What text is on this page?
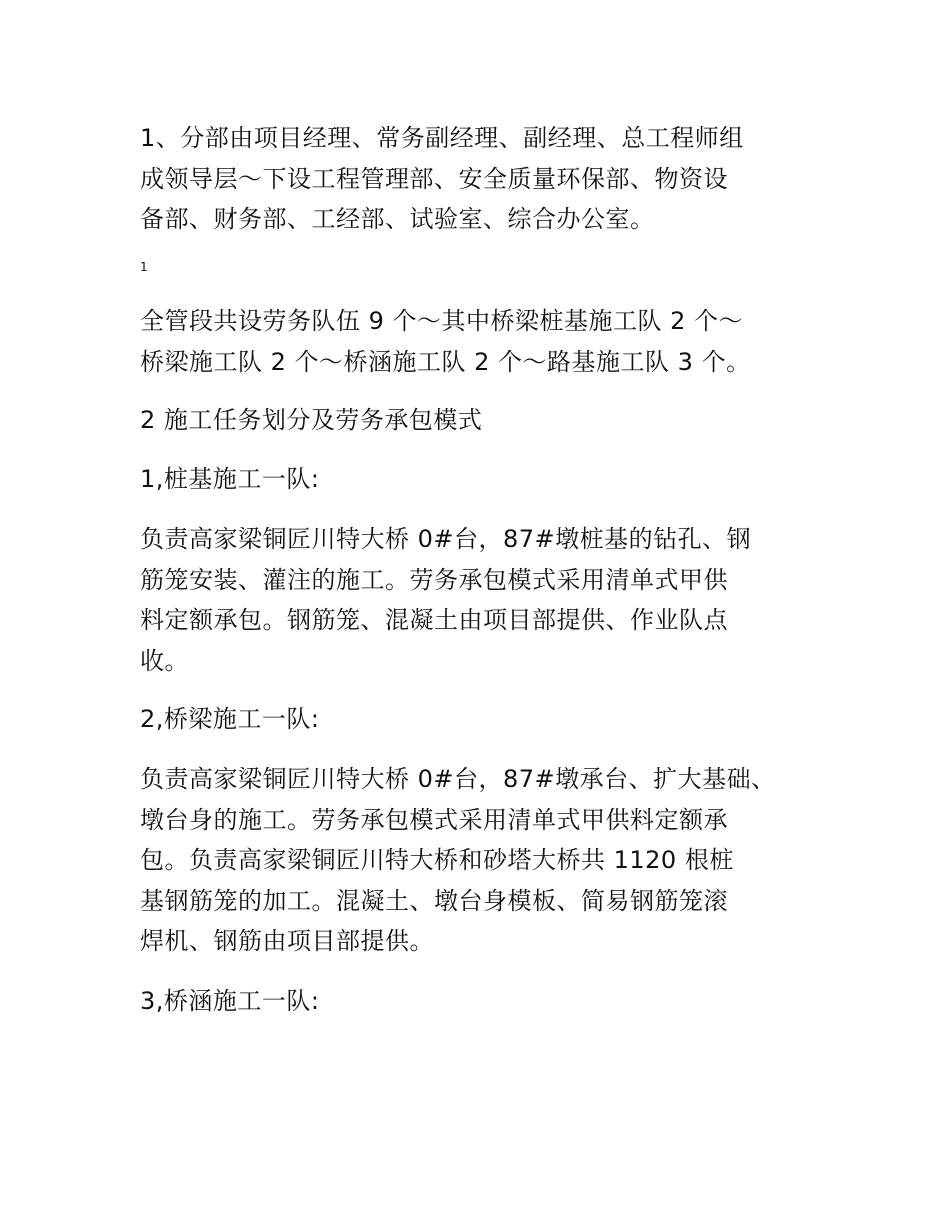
1、分部由项目经理、常务副经理、副经理、总工程师组
成领导层～下设工程管理部、安全质量环保部、物资设
备部、财务部、工经部、试验室、综合办公室。
1
全管段共设劳务队伍 9 个～其中桥梁桩基施工队 2 个～
桥梁施工队 2 个～桥涵施工队 2 个～路基施工队 3 个。
2 施工任务划分及劳务承包模式
1,桩基施工一队:
负责高家梁铜匠川特大桥 0#台，87#墩桩基的钻孔、钢
筋笼安装、灌注的施工。劳务承包模式采用清单式甲供
料定额承包。钢筋笼、混凝土由项目部提供、作业队点
收。
2,桥梁施工一队:
负责高家梁铜匠川特大桥 0#台，87#墩承台、扩大基础、
墩台身的施工。劳务承包模式采用清单式甲供料定额承
包。负责高家梁铜匠川特大桥和砂塔大桥共 1120 根桩
基钢筋笼的加工。混凝土、墩台身模板、简易钢筋笼滚
焊机、钢筋由项目部提供。
3,桥涵施工一队:
